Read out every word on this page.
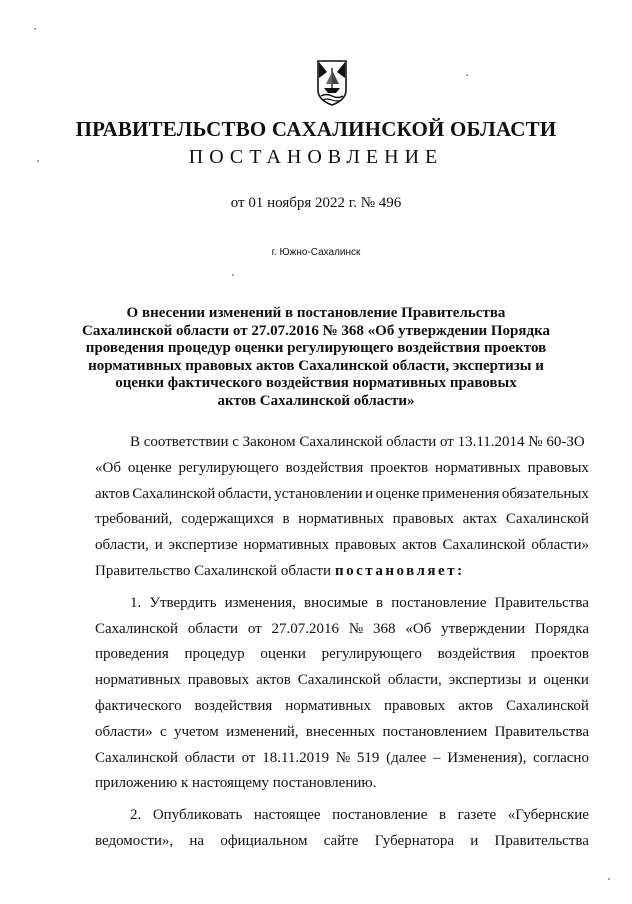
ПРАВИТЕЛЬСТВО САХАЛИНСКОЙ ОБЛАСТИ
ПОСТАНОВЛЕНИЕ
от 01 ноября 2022 г. № 496
г. Южно-Сахалинск
О внесении изменений в постановление Правительства
Сахалинской области от 27.07.2016 № 368 «Об утверждении Порядка
проведения процедур оценки регулирующего воздействия проектов
нормативных правовых актов Сахалинской области, экспертизы и
оценки фактического воздействия нормативных правовых
актов Сахалинской области»
В соответствии с Законом Сахалинской области от 13.11.2014 № 60-ЗО
«Об оценке регулирующего воздействия проектов нормативных правовых
актов Сахалинской области, установлении и оценке применения обязательных
требований, содержащихся в нормативных правовых актах Сахалинской
области, и экспертизе нормативных правовых актов Сахалинской области»
Правительство Сахалинской области постановляет:
1. Утвердить изменения, вносимые в постановление Правительства
Сахалинской области от 27.07.2016 № 368 «Об утверждении Порядка
проведения процедур оценки регулирующего воздействия проектов
нормативных правовых актов Сахалинской области, экспертизы и оценки
фактического воздействия нормативных правовых актов Сахалинской
области» с учетом изменений, внесенных постановлением Правительства
Сахалинской области от 18.11.2019 № 519 (далее – Изменения), согласно
приложению к настоящему постановлению.
2. Опубликовать настоящее постановление в газете «Губернские
ведомости», на официальном сайте Губернатора и Правительства
